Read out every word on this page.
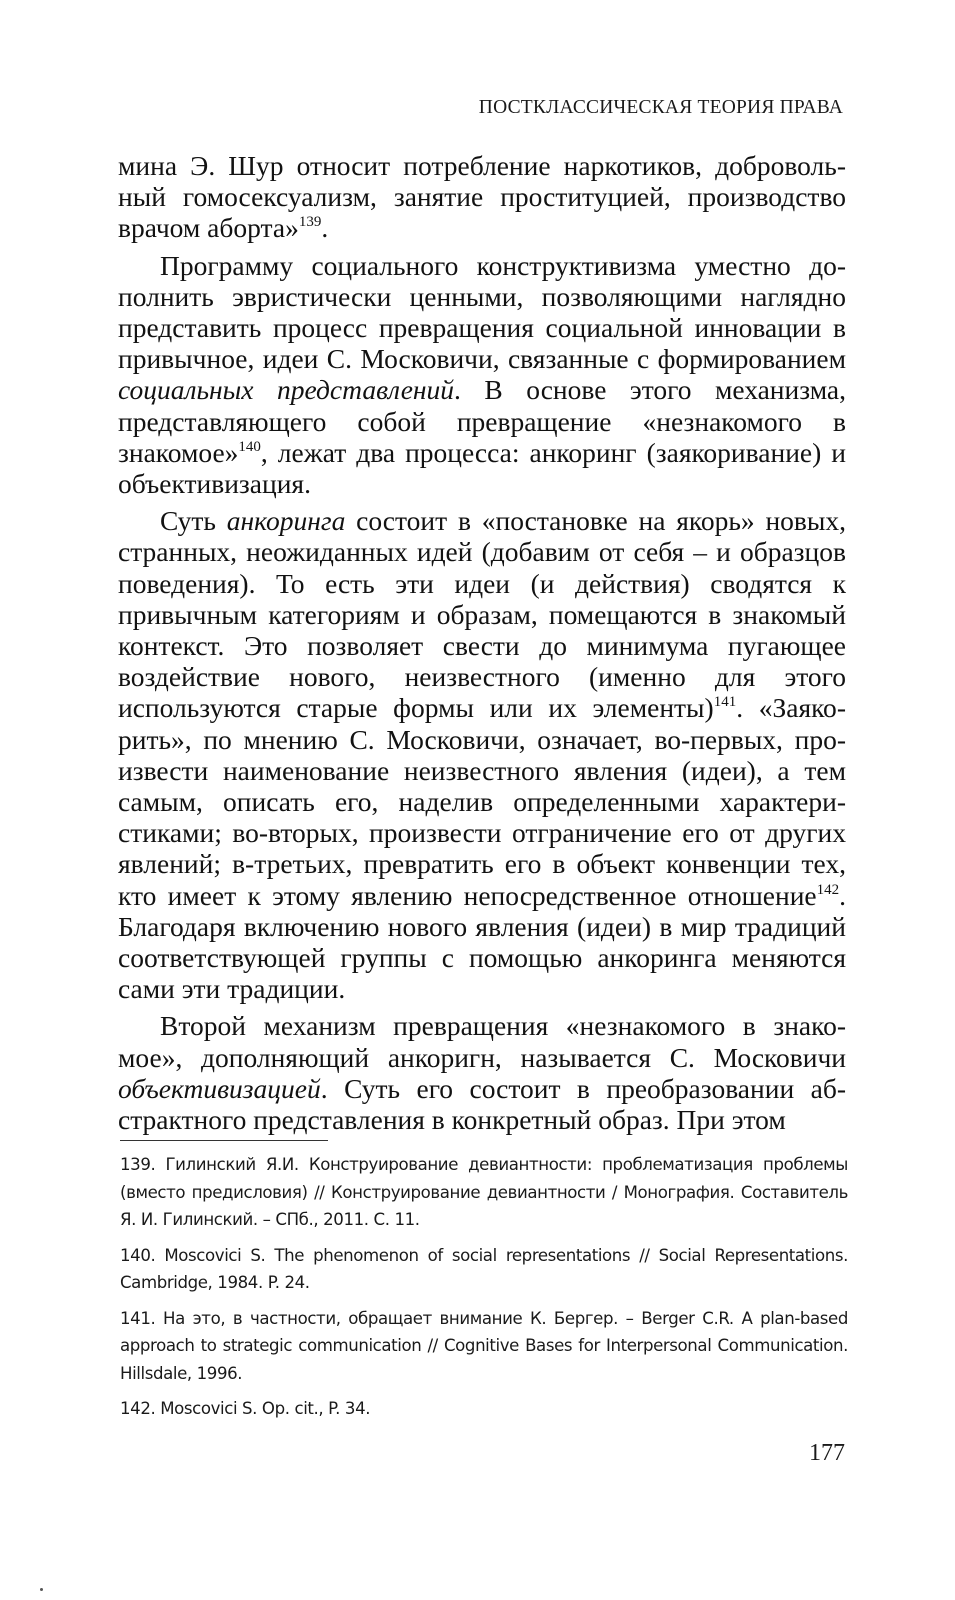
ПОСТКЛАССИЧЕСКАЯ ТЕОРИЯ ПРАВА

мина Э. Шур относит потребление наркотиков, добровольный гомосексуализм, занятие проституцией, производство врачом аборта»$^{139}$.

Программу социального конструктивизма уместно дополнить эвристически ценными, позволяющими наглядно представить процесс превращения социальной инновации в привычное, идеи С. Московичи, связанные с формированием социальных представлений. В основе этого механизма, представляющего собой превращение «незнакомого в знакомое»$^{140}$, лежат два процесса: анкоринг (заякоривание) и объективизация.

Суть анкоринга состоит в «постановке на якорь» новых, странных, неожиданных идей (добавим от себя – и образцов поведения). То есть эти идеи (и действия) сводятся к привычным категориям и образам, помещаются в знакомый контекст. Это позволяет свести до минимума пугающее воздействие нового, неизвестного (именно для этого используются старые формы или их элементы)$^{141}$. «Заякорить», по мнению С. Московичи, означает, во-первых, произвести наименование неизвестного явления (идеи), а тем самым, описать его, наделив определенными характеристиками; во-вторых, произвести отграничение его от других явлений; в-третьих, превратить его в объект конвенции тех, кто имеет к этому явлению непосредственное отношение$^{142}$. Благодаря включению нового явления (идеи) в мир традиций соответствующей группы с помощью анкоринга меняются сами эти традиции.

Второй механизм превращения «незнакомого в знакомое», дополняющий анкоригн, называется С. Московичи объективизацией. Суть его состоит в преобразовании абстрактного представления в конкретный образ. При этом

139. Гилинский Я.И. Конструирование девиантности: проблематизация проблемы (вместо предисловия) // Конструирование девиантности / Монография. Составитель Я. И. Гилинский. – СПб., 2011. С. 11.

140. Moscovici S. The phenomenon of social representations // Social Representations. Cambridge, 1984. P. 24.

141. На это, в частности, обращает внимание К. Бергер. – Berger C.R. A plan-based approach to strategic communication // Cognitive Bases for Interpersonal Communication. Hillsdale, 1996.

142. Moscovici S. Op. cit., P. 34.

177
